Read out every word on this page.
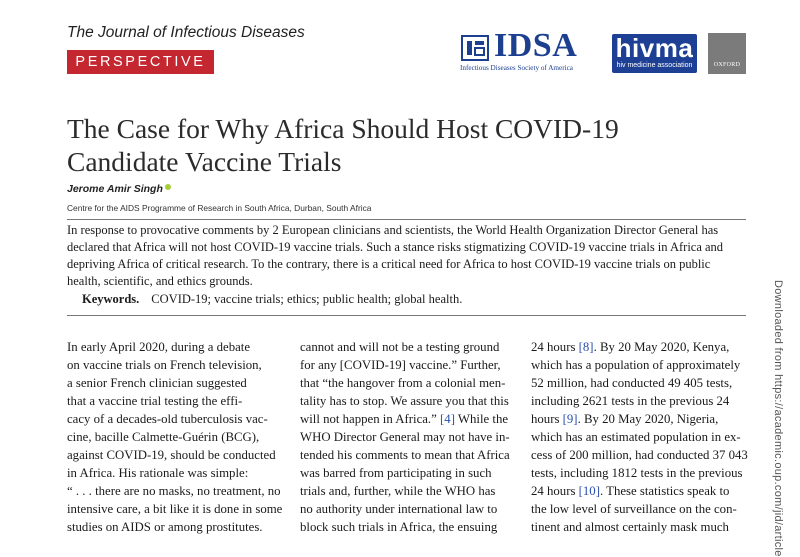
The Journal of Infectious Diseases
PERSPECTIVE	IDSA
Infectious Diseases Society of America
hivma
hiv medicine association	OXFORD
The Case for Why Africa Should Host COVID-19
Candidate Vaccine Trials
Jerome Amir Singh
Centre for the AIDS Programme of Research in South Africa, Durban, South Africa
In response to provocative comments by 2 European clinicians and scientists, the World Health Organization Director General has
declared that Africa will not host COVID-19 vaccine trials. Such a stance risks stigmatizing COVID-19 vaccine trials in Africa and
depriving Africa of critical research. To the contrary, there is a critical need for Africa to host COVID-19 vaccine trials on public
health, scientific, and ethics grounds.
Keywords. COVID-19; vaccine trials; ethics; public health; global health.
In early April 2020, during a debate
on vaccine trials on French television,
a senior French clinician suggested
that a vaccine trial testing the effi-
cacy of a decades-old tuberculosis vac-
cine, bacille Calmette-Guérin (BCG),
against COVID-19, should be conducted
in Africa. His rationale was simple:
“ . . . there are no masks, no treatment, no
intensive care, a bit like it is done in some
studies on AIDS or among prostitutes.
cannot and will not be a testing ground
for any [COVID-19] vaccine.” Further,
that “the hangover from a colonial men-
tality has to stop. We assure you that this
will not happen in Africa.” [4] While the
WHO Director General may not have in-
tended his comments to mean that Africa
was barred from participating in such
trials and, further, while the WHO has
no authority under international law to
block such trials in Africa, the ensuing
24 hours [8]. By 20 May 2020, Kenya,
which has a population of approximately
52 million, had conducted 49 405 tests,
including 2621 tests in the previous 24
hours [9]. By 20 May 2020, Nigeria,
which has an estimated population in ex-
cess of 200 million, had conducted 37 043
tests, including 1812 tests in the previous
24 hours [10]. These statistics speak to
the low level of surveillance on the con-
tinent and almost certainly mask much	Downloaded from https://academic.oup.com/jid/article
